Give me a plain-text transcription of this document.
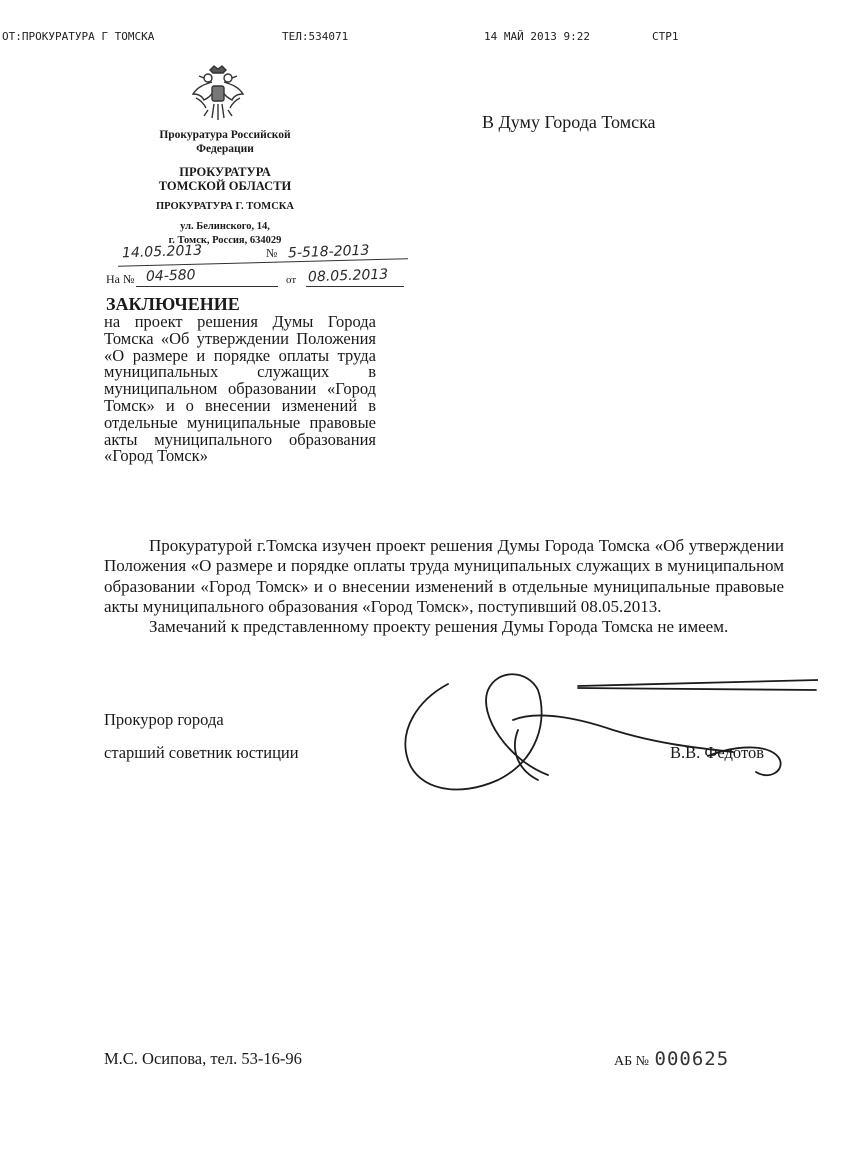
ОТ:ПРОКУРАТУРА Г ТОМСКА	ТЕЛ:534071	14 МАЙ 2013 9:22	СТР1
Прокуратура Российской
Федерации
ПРОКУРАТУРА
ТОМСКОЙ ОБЛАСТИ
ПРОКУРАТУРА Г. ТОМСКА
ул. Белинского, 14,
г. Томск, Россия, 634029
14.05.2013	№ 5-518-2013
На № 04-580	от 08.05.2013
В Думу Города Томска
ЗАКЛЮЧЕНИЕ
на проект решения Думы Города Томска «Об утверждении Положения «О размере и порядке оплаты труда муниципальных служащих в муниципальном образовании «Город Томск» и о внесении изменений в отдельные муниципальные правовые акты муниципального образования «Город Томск»

Прокуратурой г.Томска изучен проект решения Думы Города Томска «Об утверждении Положения «О размере и порядке оплаты труда муниципальных служащих в муниципальном образовании «Город Томск» и о внесении изменений в отдельные муниципальные правовые акты муниципального образования «Город Томск», поступивший 08.05.2013.

Замечаний к представленному проекту решения Думы Города Томска не имеем.

Прокурор города
старший советник юстиции	В.В. Федотов
М.С. Осипова, тел. 53-16-96	АБ № 000625
